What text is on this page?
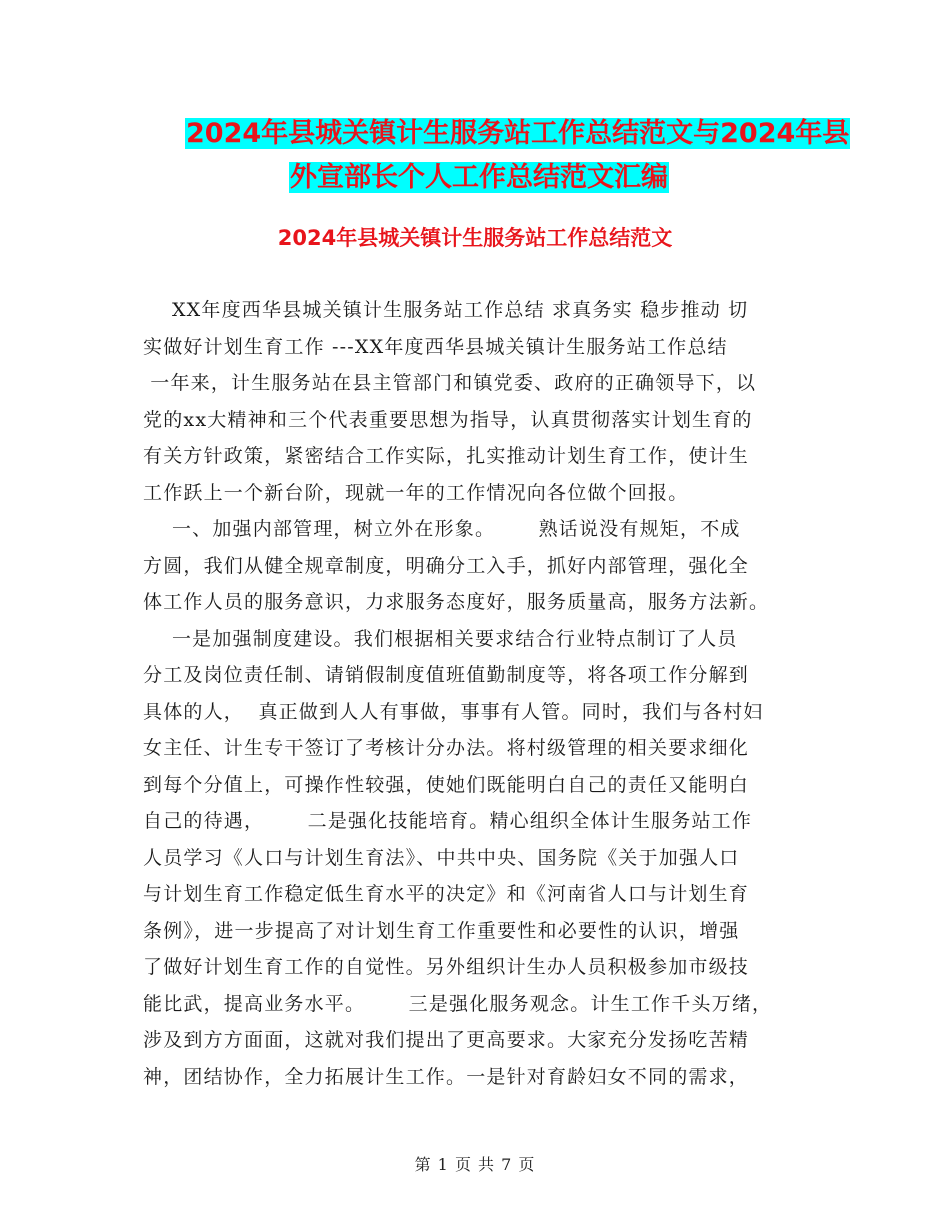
2024年县城关镇计生服务站工作总结范文与2024年县
外宣部长个人工作总结范文汇编
2024年县城关镇计生服务站工作总结范文
XX年度西华县城关镇计生服务站工作总结 求真务实 稳步推动 切
实做好计划生育工作 ---XX年度西华县城关镇计生服务站工作总结
一年来，计生服务站在县主管部门和镇党委、政府的正确领导下，以
党的xx大精神和三个代表重要思想为指导，认真贯彻落实计划生育的
有关方针政策，紧密结合工作实际，扎实推动计划生育工作，使计生
工作跃上一个新台阶，现就一年的工作情况向各位做个回报。
一、加强内部管理，树立外在形象。      熟话说没有规矩，不成
方圆，我们从健全规章制度，明确分工入手，抓好内部管理，强化全
体工作人员的服务意识，力求服务态度好，服务质量高，服务方法新。
一是加强制度建设。我们根据相关要求结合行业特点制订了人员
分工及岗位责任制、请销假制度值班值勤制度等，将各项工作分解到
具体的人，  真正做到人人有事做，事事有人管。同时，我们与各村妇
女主任、计生专干签订了考核计分办法。将村级管理的相关要求细化
到每个分值上，可操作性较强，使她们既能明白自己的责任又能明白
自己的待遇，      二是强化技能培育。精心组织全体计生服务站工作
人员学习《人口与计划生育法》、中共中央、国务院《关于加强人口
与计划生育工作稳定低生育水平的决定》和《河南省人口与计划生育
条例》，进一步提高了对计划生育工作重要性和必要性的认识，增强
了做好计划生育工作的自觉性。另外组织计生办人员积极参加市级技
能比武，提高业务水平。      三是强化服务观念。计生工作千头万绪，
涉及到方方面面，这就对我们提出了更高要求。大家充分发扬吃苦精
神，团结协作，全力拓展计生工作。一是针对育龄妇女不同的需求，
第 1 页 共 7 页
